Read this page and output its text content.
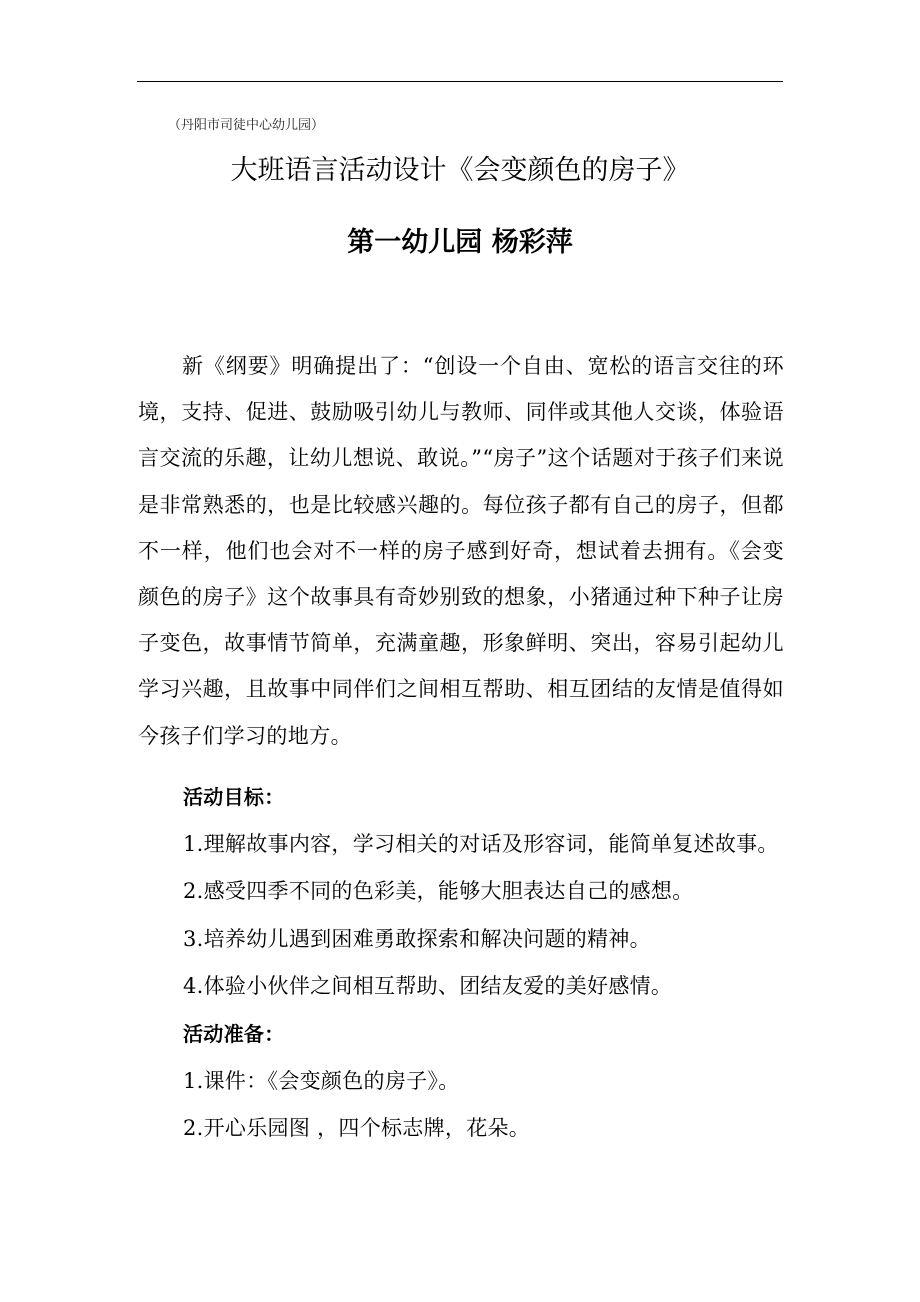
（丹阳市司徒中心幼儿园）
大班语言活动设计《会变颜色的房子》
第一幼儿园 杨彩萍

新《纲要》明确提出了：“创设一个自由、宽松的语言交往的环境，支持、促进、鼓励吸引幼儿与教师、同伴或其他人交谈，体验语言交流的乐趣，让幼儿想说、敢说。”“房子”这个话题对于孩子们来说是非常熟悉的，也是比较感兴趣的。每位孩子都有自己的房子，但都不一样，他们也会对不一样的房子感到好奇，想试着去拥有。《会变颜色的房子》这个故事具有奇妙别致的想象，小猪通过种下种子让房子变色，故事情节简单，充满童趣，形象鲜明、突出，容易引起幼儿学习兴趣，且故事中同伴们之间相互帮助、相互团结的友情是值得如今孩子们学习的地方。

活动目标：
1.理解故事内容，学习相关的对话及形容词，能简单复述故事。
2.感受四季不同的色彩美，能够大胆表达自己的感想。
3.培养幼儿遇到困难勇敢探索和解决问题的精神。
4.体验小伙伴之间相互帮助、团结友爱的美好感情。
活动准备：
1.课件：《会变颜色的房子》。
2.开心乐园图 ，四个标志牌，花朵。
